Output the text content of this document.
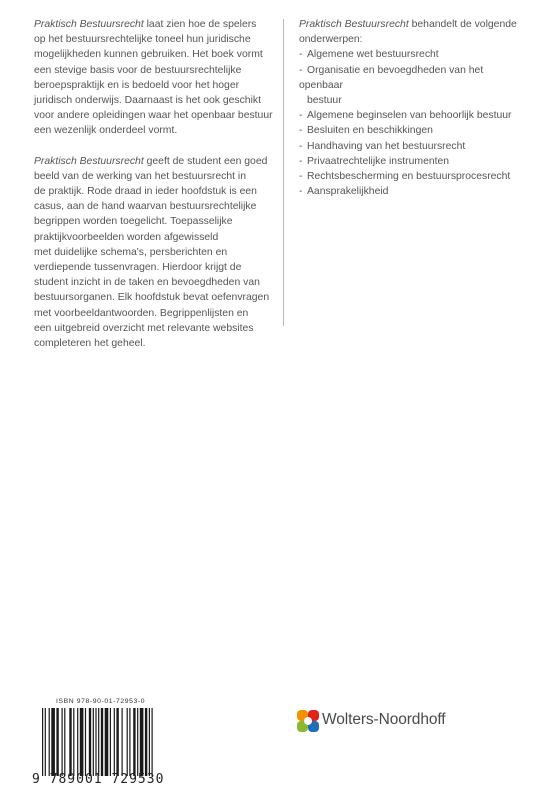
Praktisch Bestuursrecht laat zien hoe de spelers
op het bestuursrechtelijke toneel hun juridische
mogelijkheden kunnen gebruiken. Het boek vormt
een stevige basis voor de bestuursrechtelijke
beroepspraktijk en is bedoeld voor het hoger
juridisch onderwijs. Daarnaast is het ook geschikt
voor andere opleidingen waar het openbaar bestuur
een wezenlijk onderdeel vormt.

Praktisch Bestuursrecht geeft de student een goed
beeld van de werking van het bestuursrecht in
de praktijk. Rode draad in ieder hoofdstuk is een
casus, aan de hand waarvan bestuursrechtelijke
begrippen worden toegelicht. Toepasselijke
praktijkvoorbeelden worden afgewisseld
met duidelijke schema's, persberichten en
verdiepende tussenvragen. Hierdoor krijgt de
student inzicht in de taken en bevoegdheden van
bestuursorganen. Elk hoofdstuk bevat oefenvragen
met voorbeeldantwoorden. Begrippenlijsten en
een uitgebreid overzicht met relevante websites
completeren het geheel.

Praktisch Bestuursrecht behandelt de volgende
onderwerpen:
- Algemene wet bestuursrecht
- Organisatie en bevoegdheden van het openbaar
bestuur
- Algemene beginselen van behoorlijk bestuur
- Besluiten en beschikkingen
- Handhaving van het bestuursrecht
- Privaatrechtelijke instrumenten
- Rechtsbescherming en bestuursprocesrecht
- Aansprakelijkheid
ISBN 978-90-01-72953-0
9 789001 729530
Wolters-Noordhoff
